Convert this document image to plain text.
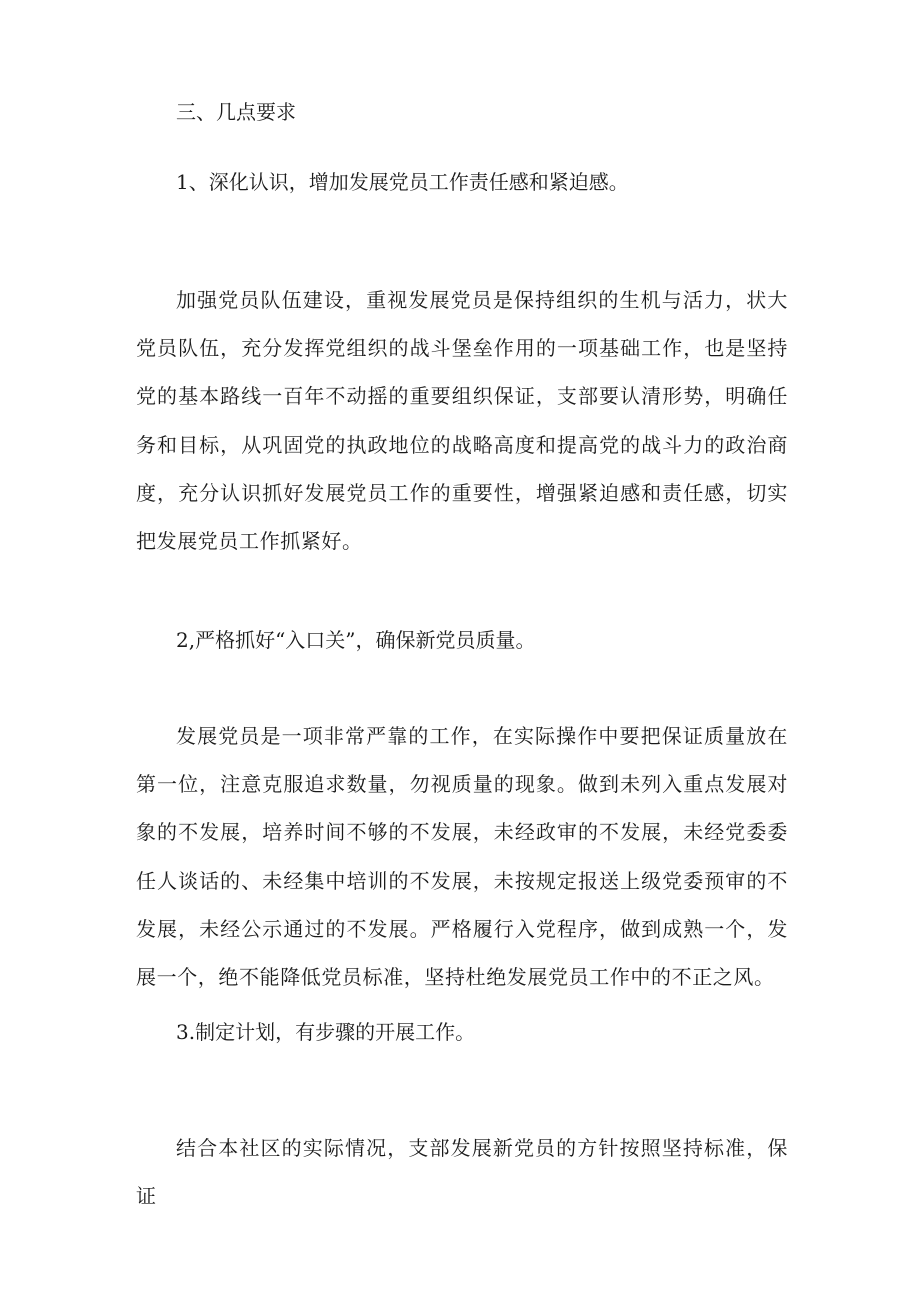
三、几点要求

1、深化认识，增加发展党员工作责任感和紧迫感。

加强党员队伍建设，重视发展党员是保持组织的生机与活力，状大党员队伍，充分发挥党组织的战斗堡垒作用的一项基础工作，也是坚持党的基本路线一百年不动摇的重要组织保证，支部要认清形势，明确任务和目标，从巩固党的执政地位的战略高度和提高党的战斗力的政治商度，充分认识抓好发展党员工作的重要性，增强紧迫感和责任感，切实把发展党员工作抓紧好。

2,严格抓好“入口关”，确保新党员质量。

发展党员是一项非常严靠的工作，在实际操作中要把保证质量放在第一位，注意克服追求数量，勿视质量的现象。做到未列入重点发展对象的不发展，培养时间不够的不发展，未经政审的不发展，未经党委委任人谈话的、未经集中培训的不发展，未按规定报送上级党委预审的不发展，未经公示通过的不发展。严格履行入党程序，做到成熟一个，发展一个，绝不能降低党员标准，坚持杜绝发展党员工作中的不正之风。

3.制定计划，有步骤的开展工作。

结合本社区的实际情况，支部发展新党员的方针按照坚持标准，保证
